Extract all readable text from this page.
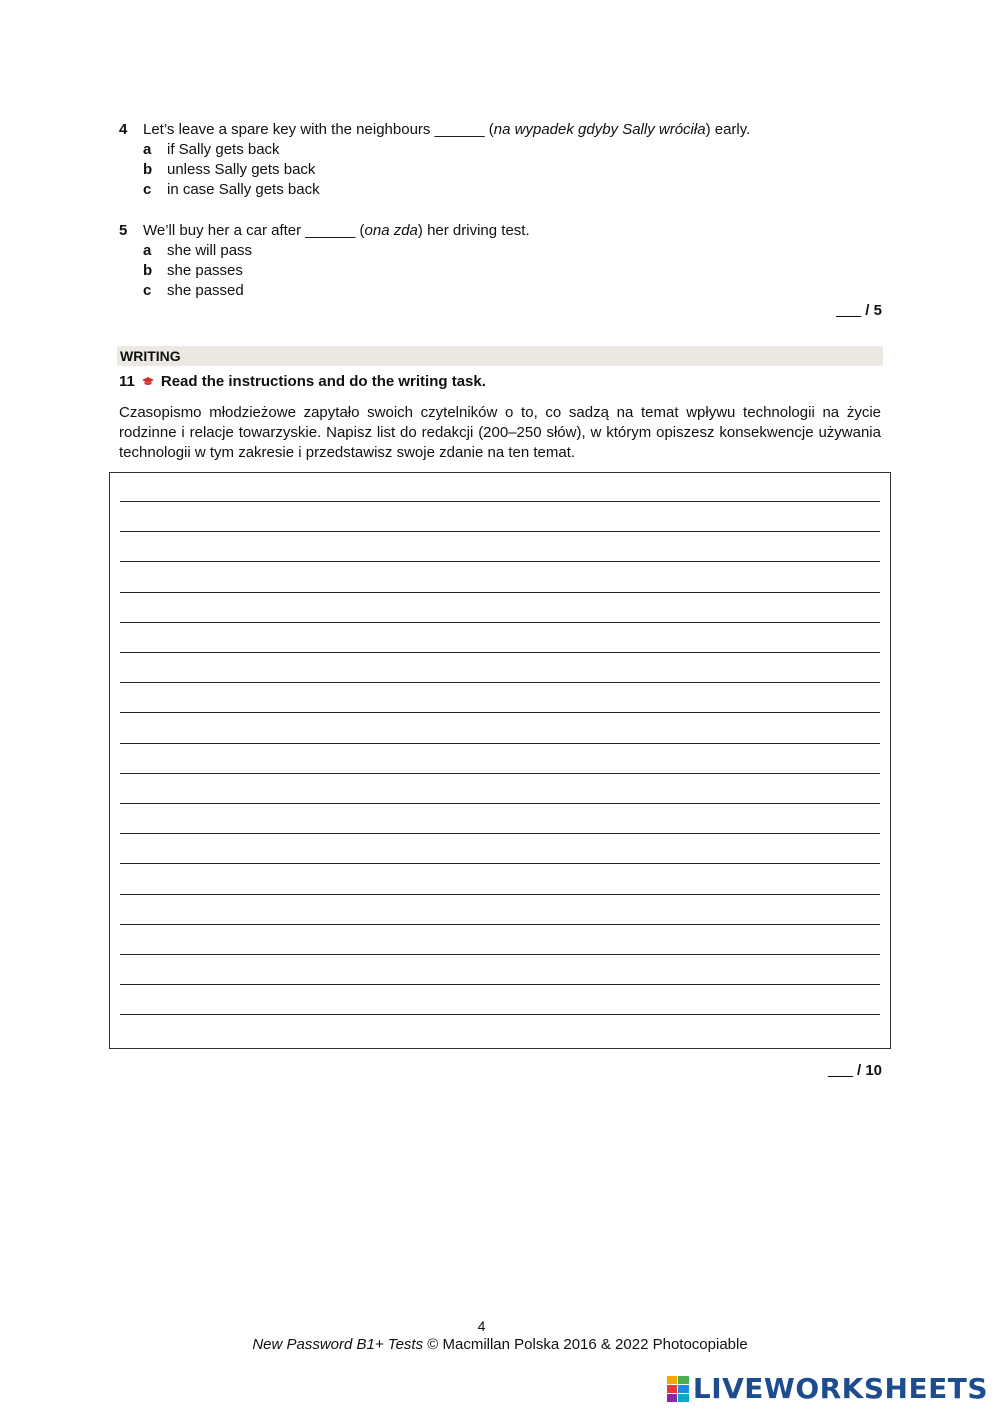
4	Let’s leave a spare key with the neighbours ______ (na wypadek gdyby Sally wróciła) early.
a	if Sally gets back
b unless Sally gets back
c	in case Sally gets back
5	We’ll buy her a car after ______ (ona zda) her driving test.
a	she will pass
b she passes
c	she passed
___ / 5
WRITING
11 Read the instructions and do the writing task.
Czasopismo młodzieżowe zapytało swoich czytelników o to, co sadzą na temat wpływu technologii na życie rodzinne i relacje towarzyskie. Napisz list do redakcji (200–250 słów), w którym opiszesz konsekwencje używania technologii w tym zakresie i przedstawisz swoje zdanie na ten temat.
___ / 10
4
New Password B1+ Tests © Macmillan Polska 2016 & 2022 Photocopiable
LIVEWORKSHEETS
